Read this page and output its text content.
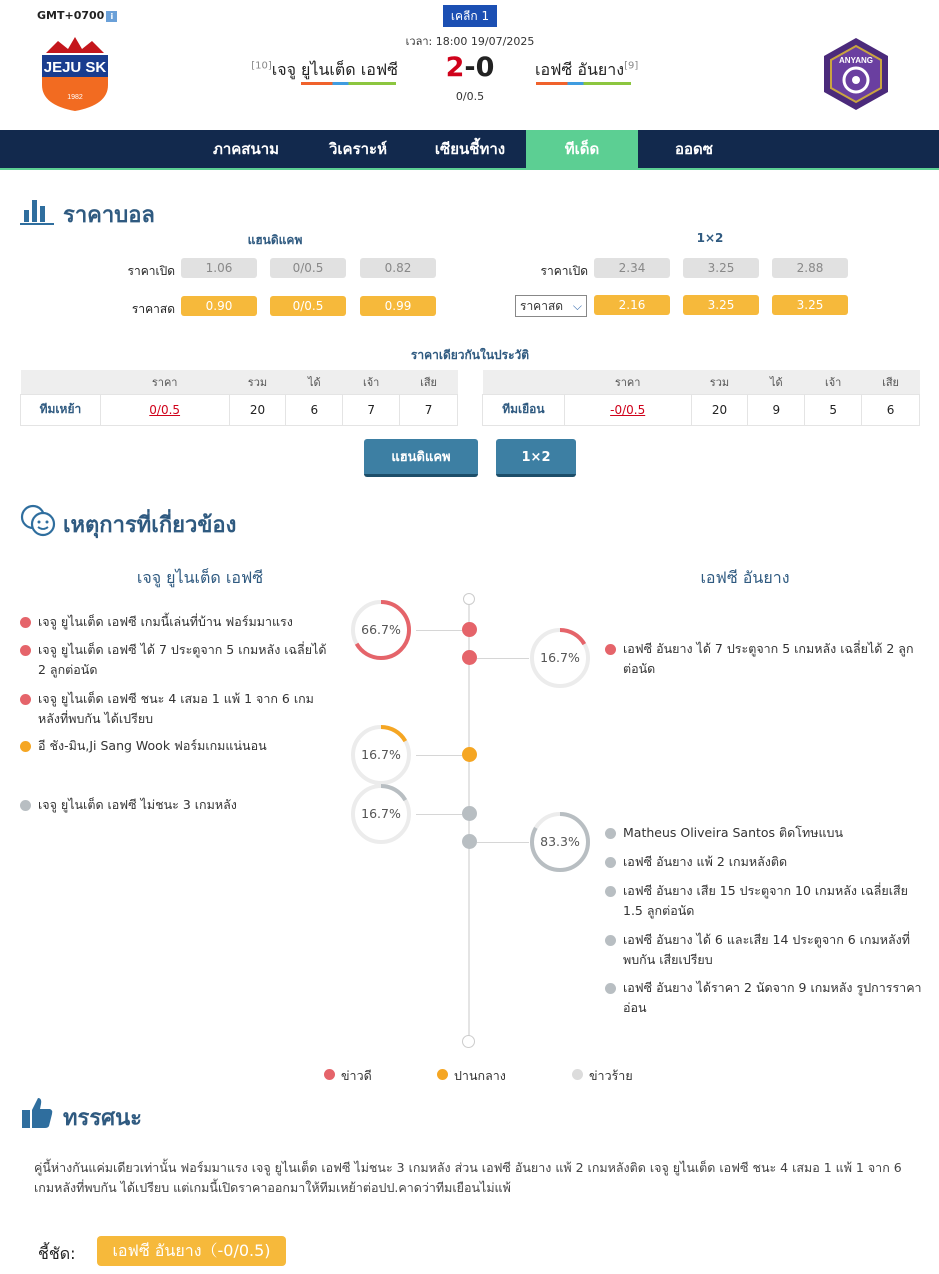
GMT+0700 i	เคลีก 1
เวลา: 18:00 19/07/2025
JEJU SK
1982
ANYANG
[10]เจจู ยูไนเต็ด เอฟซี	เอฟซี อันยาง[9]
2-0
0/0.5
ภาคสนาม	วิเคราะห์	เซียนชี้ทาง	ทีเด็ด	ออดซ
ราคาบอล
แฮนดิแคพ	1×2
ราคาเปิด	1.06	0/0.5	0.82
ราคาสด	0.90	0/0.5	0.99
ราคาเปิด	2.34	3.25	2.88
ราคาสด ⌵	2.16	3.25	3.25
ราคาเดียวกันในประวัติ
	ราคา	รวม	ได้	เจ้า	เสีย
ทีมเหย้า	0/0.5	20	6	7	7
	ราคา	รวม	ได้	เจ้า	เสีย
ทีมเยือน	-0/0.5	20	9	5	6
แฮนดิแคพ	1×2
เหตุการที่เกี่ยวข้อง
เจจู ยูไนเต็ด เอฟซี	เอฟซี อันยาง
66.7%
16.7%
16.7%
16.7%
83.3%
เจจู ยูไนเต็ด เอฟซี เกมนี้เล่นที่บ้าน ฟอร์มมาแรง
เจจู ยูไนเต็ด เอฟซี ได้ 7 ประตูจาก 5 เกมหลัง เฉลี่ยได้ 2 ลูกต่อนัด
เจจู ยูไนเต็ด เอฟซี ชนะ 4 เสมอ 1 แพ้ 1 จาก 6 เกมหลังที่พบกัน ได้เปรียบ
อี ชัง-มิน,Ji Sang Wook ฟอร์มเกมแน่นอน
เจจู ยูไนเต็ด เอฟซี ไม่ชนะ 3 เกมหลัง
เอฟซี อันยาง ได้ 7 ประตูจาก 5 เกมหลัง เฉลี่ยได้ 2 ลูกต่อนัด
Matheus Oliveira Santos ติดโทษแบน
เอฟซี อันยาง แพ้ 2 เกมหลังติด
เอฟซี อันยาง เสีย 15 ประตูจาก 10 เกมหลัง เฉลี่ยเสีย 1.5 ลูกต่อนัด
เอฟซี อันยาง ได้ 6 และเสีย 14 ประตูจาก 6 เกมหลังที่พบกัน เสียเปรียบ
เอฟซี อันยาง ได้ราคา 2 นัดจาก 9 เกมหลัง รูปการราคาอ่อน
ข่าวดี	ปานกลาง	ข่าวร้าย
ทรรศนะ
คู่นี้ห่างกันแค่มเดียวเท่านั้น ฟอร์มมาแรง เจจู ยูไนเต็ด เอฟซี ไม่ชนะ 3 เกมหลัง ส่วน เอฟซี อันยาง แพ้ 2 เกมหลังติด เจจู ยูไนเต็ด เอฟซี ชนะ 4 เสมอ 1 แพ้ 1 จาก 6 เกมหลังที่พบกัน ได้เปรียบ แต่เกมนี้เปิดราคาออกมาให้ทีมเหย้าต่อปป.คาดว่าทีมเยือนไม่แพ้
ชี้ชัด:	เอฟซี อันยาง（-0/0.5)
